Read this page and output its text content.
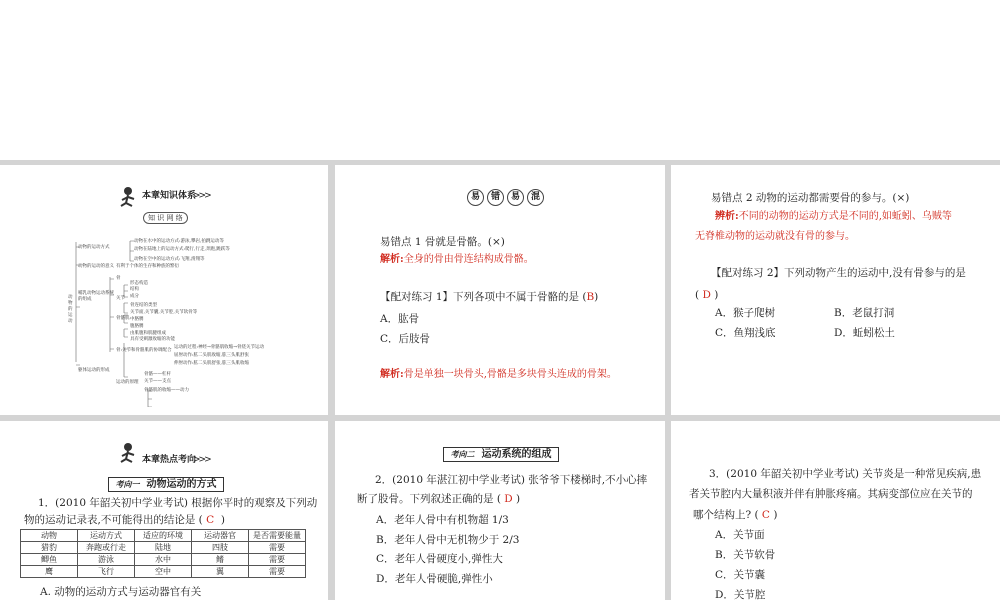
本章知识体系
>>>
知 识 网 络
动物的运动
动物的运动方式
动物的运动的意义
动物在水中的运动方式:游泳,攀岩,拍跳运动等
动物在陆地上的运动方式:爬行,行走,奔跑,跳跃等
动物在空中的运动方式:飞翔,滑翔等
有利于个体的生存和种族的繁衍
哺乳动物运动系统的组成
骨
关节
骨骼肌
骨:关节和骨骼肌的协调配合
形态构造
结构
成分
骨连结的类型
关节面,关节囊,关节腔,关节软骨等
中胳膊
腹胳膊
由肌腹和肌腱组成
具有受刺激收缩的功能
运动的过程:神经→骨骼肌收缩→骨绕关节运动
屈肘动作:肱二头肌收缩,肱三头肌舒张
伸肘动作:肱二头肌舒张,肱三头肌收缩
躯体运动的形成
运动的原理
骨骼——杠杆
关节——支点
骨骼肌的收缩——动力
易	错	易	混
易错点 1 骨就是骨骼。(×)
解析:全身的骨由骨连结构成骨骼。
【配对练习 1】下列各项中不属于骨骼的是 (B)
A．肱骨
C．后肢骨
解析:骨是单独一块骨头,骨骼是多块骨头连成的骨架。
易错点 2 动物的运动都需要骨的参与。(×)
辨析:不同的动物的运动方式是不同的,如蚯蚓、乌贼等
无脊椎动物的运动就没有骨的参与。
【配对练习 2】下列动物产生的运动中,没有骨参与的是
( D )
A．猴子爬树	B．老鼠打洞
C．鱼翔浅底	D．蚯蚓松土
本章热点考向
>>>
考向一 动物运动的方式
1．(2010 年韶关初中学业考试) 根据你平时的观察及下列动
物的运动记录表,不可能得出的结论是 ( C )
动物	运动方式	适应的环境	运动器官	是否需要能量
猎豹	奔跑或行走	陆地	四肢	需要
鲫鱼	游泳	水中	鳍	需要
鹰	飞行	空中	翼	需要
A. 动物的运动方式与运动器官有关
考向二 运动系统的组成
2．(2010 年湛江初中学业考试) 张爷爷下楼梯时,不小心摔
断了股骨。下列叙述正确的是 ( D )
A．老年人骨中有机物超 1/3
B．老年人骨中无机物少于 2/3
C．老年人骨硬度小,弹性大
D．老年人骨硬脆,弹性小
3．(2010 年韶关初中学业考试) 关节炎是一种常见疾病,患
者关节腔内大量积液并伴有肿胀疼痛。其病变部位应在关节的
哪个结构上? ( C )
A．关节面
B．关节软骨
C．关节囊
D．关节腔
